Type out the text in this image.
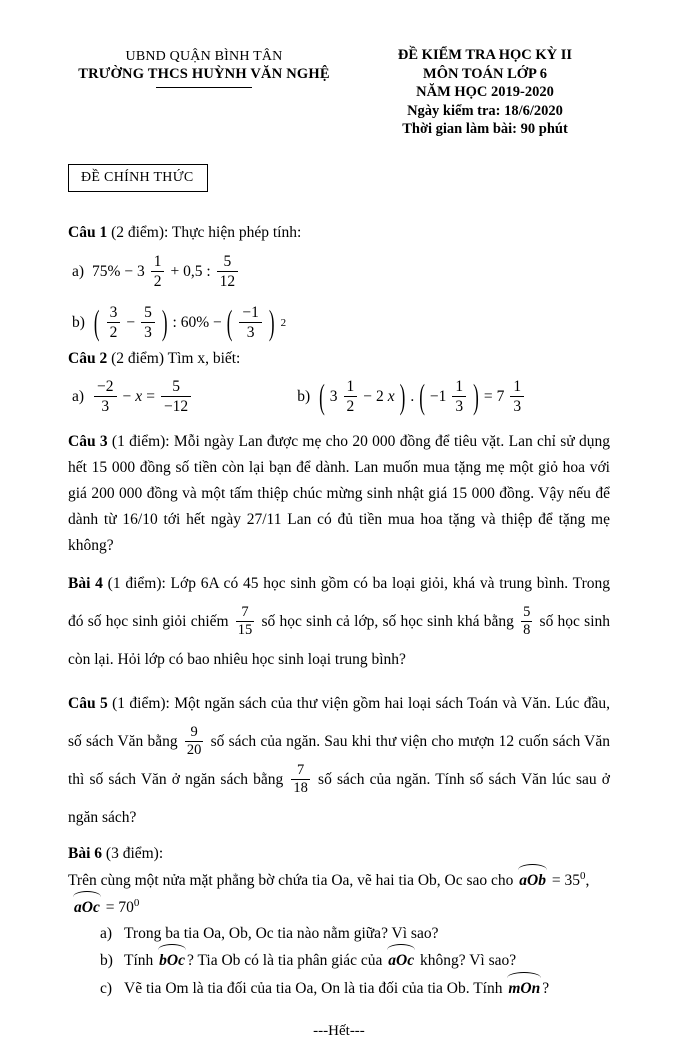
UBND QUẬN BÌNH TÂN
TRƯỜNG THCS HUỲNH VĂN NGHỆ
ĐỀ KIỂM TRA HỌC KỲ II
MÔN TOÁN LỚP 6
NĂM HỌC 2019-2020
Ngày kiểm tra: 18/6/2020
Thời gian làm bài: 90 phút
ĐỀ CHÍNH THỨC

Câu 1 (2 điểm): Thực hiện phép tính:

a) $75\% - 3 \frac{1}{2} + 0,5$ : $\frac{5}{12}$
b) ( $\frac{3}{2} - \frac{5}{3}$ ) : 60% − ( $\frac{-1}{3}$ ) 2

Câu 2 (2 điểm) Tìm x, biết:

$a) \frac{-2}{3} - x = \frac{5}{-12}$	b) ( $3 \frac{1}{2} - 2$ x ) . ( $-1 \frac{1}{3}$ ) = $7 \frac{1}{3}$

Câu 3 (1 điểm): Mỗi ngày Lan được mẹ cho 20 000 đồng để tiêu vặt. Lan chỉ sử dụng hết 15 000 đồng số tiền còn lại bạn để dành. Lan muốn mua tặng mẹ một giỏ hoa với giá 200 000 đồng và một tấm thiệp chúc mừng sinh nhật giá 15 000 đồng. Vậy nếu để dành từ 16/10 tới hết ngày 27/11 Lan có đủ tiền mua hoa tặng và thiệp để tặng mẹ không?

Bài 4 (1 điểm): Lớp 6A có 45 học sinh gồm có ba loại giỏi, khá và trung bình. Trong đó số học sinh giỏi chiếm $\frac{7}{15}$ số học sinh cả lớp, số học sinh khá bằng $\frac{5}{8}$ số học sinh còn lại. Hỏi lớp có bao nhiêu học sinh loại trung bình?

Câu 5 (1 điểm): Một ngăn sách của thư viện gồm hai loại sách Toán và Văn. Lúc đầu, số sách Văn bằng $\frac{9}{20}$ số sách của ngăn. Sau khi thư viện cho mượn 12 cuốn sách Văn thì số sách Văn ở ngăn sách bằng $\frac{7}{18}$ số sách của ngăn. Tính số sách Văn lúc sau ở ngăn sách?

Bài 6 (3 điểm):

Trên cùng một nửa mặt phẳng bờ chứa tia Oa, vẽ hai tia Ob, Oc sao cho aOb = $35^0$,
aOc = $70^0$

a) Trong ba tia Oa, Ob, Oc tia nào nằm giữa? Vì sao?
b) Tính bOc ? Tia Ob có là tia phân giác của aOc không? Vì sao?
c) Vẽ tia Om là tia đối của tia Oa, On là tia đối của tia Ob. Tính mOn ?
---Hết---
